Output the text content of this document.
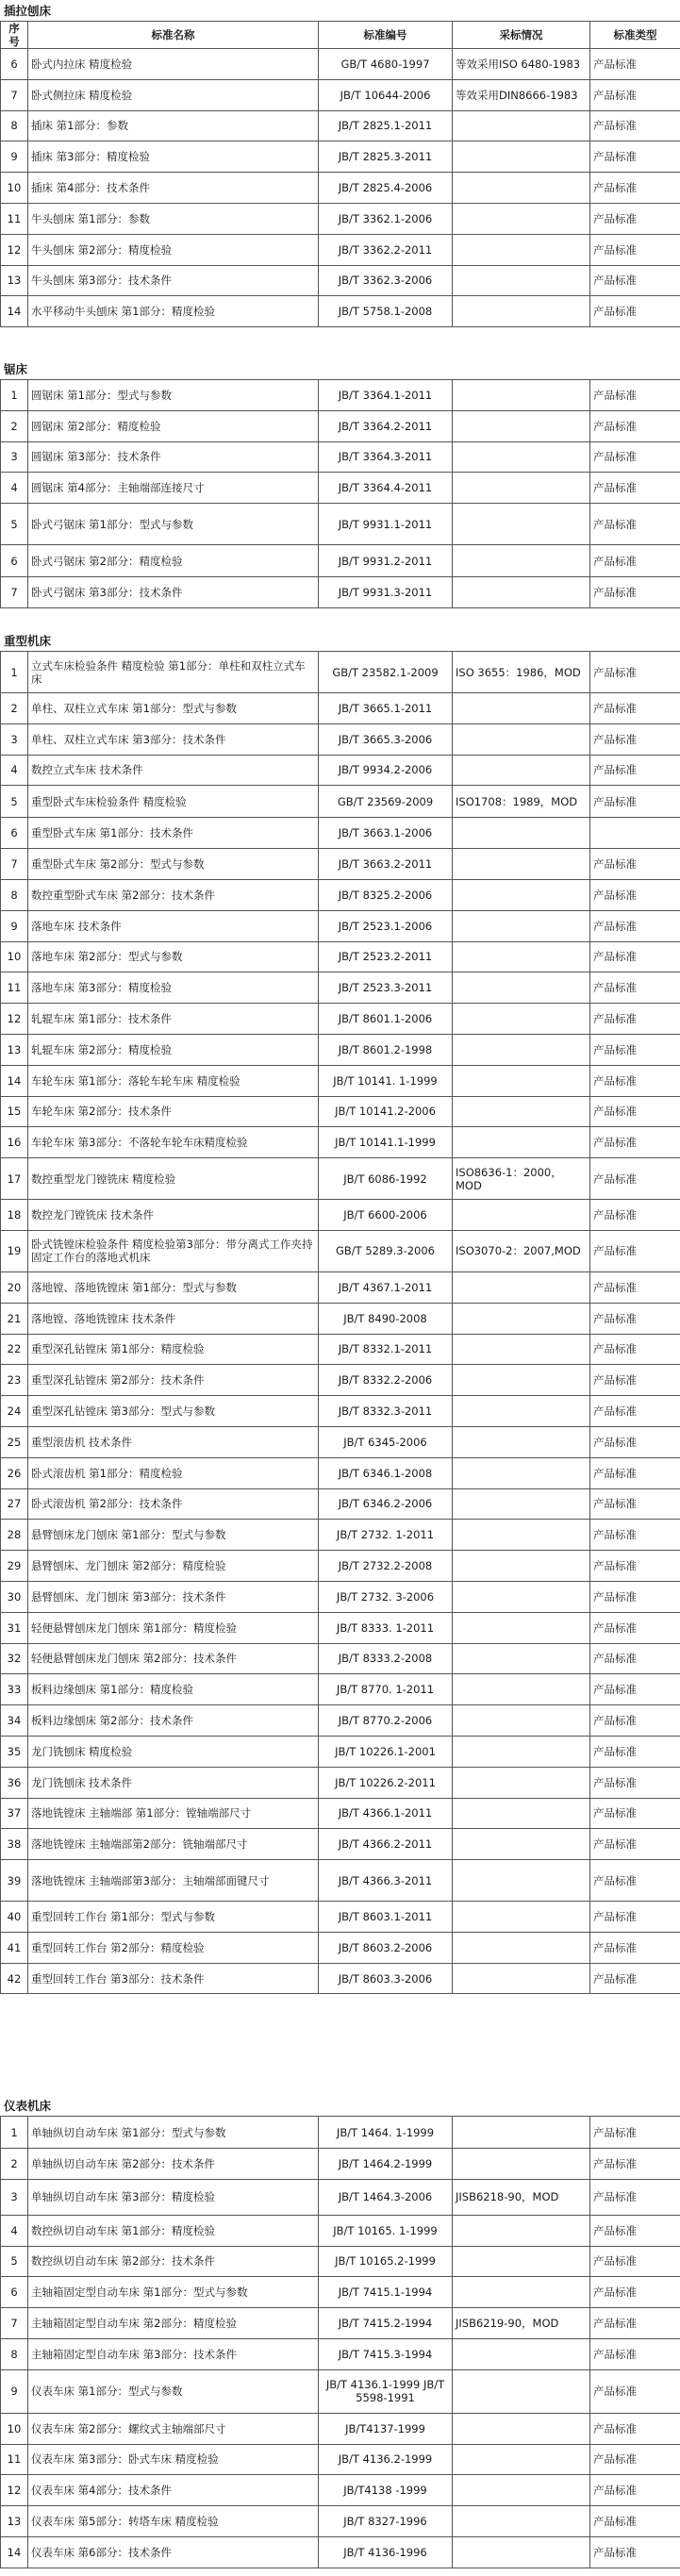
插拉刨床
序号	标准名称	标准编号	采标情况	标准类型
6	卧式内拉床 精度检验	GB/T 4680-1997	等效采用ISO 6480-1983	产品标准
7	卧式侧拉床 精度检验	JB/T 10644-2006	等效采用DIN8666-1983	产品标准
8	插床 第1部分：参数	JB/T 2825.1-2011		产品标准
9	插床 第3部分：精度检验	JB/T 2825.3-2011		产品标准
10	插床 第4部分：技术条件	JB/T 2825.4-2006		产品标准
11	牛头刨床 第1部分：参数	JB/T 3362.1-2006		产品标准
12	牛头刨床 第2部分：精度检验	JB/T 3362.2-2011		产品标准
13	牛头刨床 第3部分：技术条件	JB/T 3362.3-2006		产品标准
14	水平移动牛头刨床 第1部分：精度检验	JB/T 5758.1-2008		产品标准
锯床
1	圆锯床 第1部分：型式与参数	JB/T 3364.1-2011		产品标准
2	圆锯床 第2部分：精度检验	JB/T 3364.2-2011		产品标准
3	圆锯床 第3部分：技术条件	JB/T 3364.3-2011		产品标准
4	圆锯床 第4部分：主轴端部连接尺寸	JB/T 3364.4-2011		产品标准
5	卧式弓锯床 第1部分：型式与参数	JB/T 9931.1-2011		产品标准
6	卧式弓锯床 第2部分：精度检验	JB/T 9931.2-2011		产品标准
7	卧式弓锯床 第3部分：技术条件	JB/T 9931.3-2011		产品标准
重型机床
1	立式车床检验条件 精度检验 第1部分：单柱和双柱立式车床	GB/T 23582.1-2009	ISO 3655：1986，MOD	产品标准
2	单柱、双柱立式车床 第1部分：型式与参数	JB/T 3665.1-2011		产品标准
3	单柱、双柱立式车床 第3部分：技术条件	JB/T 3665.3-2006		产品标准
4	数控立式车床 技术条件	JB/T 9934.2-2006		产品标准
5	重型卧式车床检验条件 精度检验	GB/T 23569-2009	ISO1708：1989，MOD	产品标准
6	重型卧式车床 第1部分：技术条件	JB/T 3663.1-2006		
7	重型卧式车床 第2部分：型式与参数	JB/T 3663.2-2011		产品标准
8	数控重型卧式车床 第2部分：技术条件	JB/T 8325.2-2006		产品标准
9	落地车床 技术条件	JB/T 2523.1-2006		产品标准
10	落地车床 第2部分：型式与参数	JB/T 2523.2-2011		产品标准
11	落地车床 第3部分：精度检验	JB/T 2523.3-2011		产品标准
12	轧辊车床 第1部分：技术条件	JB/T 8601.1-2006		产品标准
13	轧辊车床 第2部分：精度检验	JB/T 8601.2-1998		产品标准
14	车轮车床 第1部分：落轮车轮车床 精度检验	JB/T 10141. 1-1999		产品标准
15	车轮车床 第2部分：技术条件	JB/T 10141.2-2006		产品标准
16	车轮车床 第3部分：不落轮车轮车床精度检验	JB/T 10141.1-1999		产品标准
17	数控重型龙门镗铣床 精度检验	JB/T 6086-1992	ISO8636-1：2000，MOD	产品标准
18	数控龙门镗铣床 技术条件	JB/T 6600-2006		产品标准
19	卧式铣镗床检验条件 精度检验第3部分：带分离式工作夹持固定工作台的落地式机床	GB/T 5289.3-2006	ISO3070-2：2007,MOD	产品标准
20	落地镗、落地铣镗床 第1部分：型式与参数	JB/T 4367.1-2011		产品标准
21	落地镗、落地铣镗床 技术条件	JB/T 8490-2008		产品标准
22	重型深孔钻镗床 第1部分：精度检验	JB/T 8332.1-2011		产品标准
23	重型深孔钻镗床 第2部分：技术条件	JB/T 8332.2-2006		产品标准
24	重型深孔钻镗床 第3部分：型式与参数	JB/T 8332.3-2011		产品标准
25	重型滚齿机 技术条件	JB/T 6345-2006		产品标准
26	卧式滚齿机 第1部分：精度检验	JB/T 6346.1-2008		产品标准
27	卧式滚齿机 第2部分：技术条件	JB/T 6346.2-2006		产品标准
28	悬臂刨床龙门刨床 第1部分：型式与参数	JB/T 2732. 1-2011		产品标准
29	悬臂刨床、龙门刨床 第2部分：精度检验	JB/T 2732.2-2008		产品标准
30	悬臂刨床、龙门刨床 第3部分：技术条件	JB/T 2732. 3-2006		产品标准
31	轻便悬臂刨床龙门刨床 第1部分：精度检验	JB/T 8333. 1-2011		产品标准
32	轻便悬臂刨床龙门刨床 第2部分：技术条件	JB/T 8333.2-2008		产品标准
33	板料边缘刨床 第1部分：精度检验	JB/T 8770. 1-2011		产品标准
34	板料边缘刨床 第2部分：技术条件	JB/T 8770.2-2006		产品标准
35	龙门铣刨床 精度检验	JB/T 10226.1-2001		产品标准
36	龙门铣刨床 技术条件	JB/T 10226.2-2011		产品标准
37	落地铣镗床 主轴端部 第1部分：镗轴端部尺寸	JB/T 4366.1-2011		产品标准
38	落地铣镗床 主轴端部第2部分：铣轴端部尺寸	JB/T 4366.2-2011		产品标准
39	落地铣镗床 主轴端部第3部分：主轴端部面键尺寸	JB/T 4366.3-2011		产品标准
40	重型回转工作台 第1部分：型式与参数	JB/T 8603.1-2011		产品标准
41	重型回转工作台 第2部分：精度检验	JB/T 8603.2-2006		产品标准
42	重型回转工作台 第3部分：技术条件	JB/T 8603.3-2006		产品标准
仪表机床
1	单轴纵切自动车床 第1部分：型式与参数	JB/T 1464. 1-1999		产品标准
2	单轴纵切自动车床 第2部分：技术条件	JB/T 1464.2-1999		产品标准
3	单轴纵切自动车床 第3部分：精度检验	JB/T 1464.3-2006	JISB6218-90，MOD	产品标准
4	数控纵切自动车床 第1部分：精度检验	JB/T 10165. 1-1999		产品标准
5	数控纵切自动车床 第2部分：技术条件	JB/T 10165.2-1999		产品标准
6	主轴箱固定型自动车床 第1部分：型式与参数	JB/T 7415.1-1994		产品标准
7	主轴箱固定型自动车床 第2部分：精度检验	JB/T 7415.2-1994	JISB6219-90，MOD	产品标准
8	主轴箱固定型自动车床 第3部分：技术条件	JB/T 7415.3-1994		产品标准
9	仪表车床 第1部分：型式与参数	JB/T 4136.1-1999 JB/T 5598-1991		产品标准
10	仪表车床 第2部分：螺纹式主轴端部尺寸	JB/T4137-1999		产品标准
11	仪表车床 第3部分：卧式车床 精度检验	JB/T 4136.2-1999		产品标准
12	仪表车床 第4部分：技术条件	JB/T4138 -1999		产品标准
13	仪表车床 第5部分：转塔车床 精度检验	JB/T 8327-1996		产品标准
14	仪表车床 第6部分：技术条件	JB/T 4136-1996		产品标准
